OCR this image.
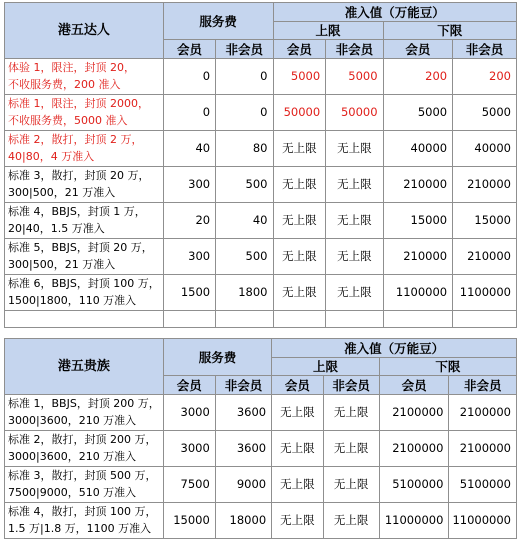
港五达人	服务费		准入值（万能豆）			
			上限		下限	
	会员	非会员	会员	非会员	会员	非会员

体验 1，限注，封顶 20，
不收服务费，200 准入	0	0	5000	5000	200	200

标准 1，限注，封顶 2000，
不收服务费，5000 准入	0	0	50000	50000	5000	5000

标准 2，散打，封顶 2 万，
40|80，4 万准入	40	80	无上限	无上限	40000	40000

标准 3，散打，封顶 20 万，
300|500，21 万准入	300	500	无上限	无上限	210000	210000

标准 4，BBJS，封顶 1 万，
20|40，1.5 万准入	20	40	无上限	无上限	15000	15000

标准 5，BBJS，封顶 20 万，
300|500，21 万准入	300	500	无上限	无上限	210000	210000

标准 6，BBJS，封顶 100 万，
1500|1800，110 万准入	1500	1800	无上限	无上限	1100000	1100000

港五贵族	服务费		准入值（万能豆）			
			上限		下限	
	会员	非会员	会员	非会员	会员	非会员

标准 1，BBJS，封顶 200 万，
3000|3600，210 万准入	3000	3600	无上限	无上限	2100000	2100000

标准 2，散打，封顶 200 万，
3000|3600，210 万准入	3000	3600	无上限	无上限	2100000	2100000

标准 3，散打，封顶 500 万，
7500|9000，510 万准入	7500	9000	无上限	无上限	5100000	5100000

标准 4，散打，封顶 100 万，
1.5 万|1.8 万，1100 万准入	15000	18000	无上限	无上限	11000000	11000000
